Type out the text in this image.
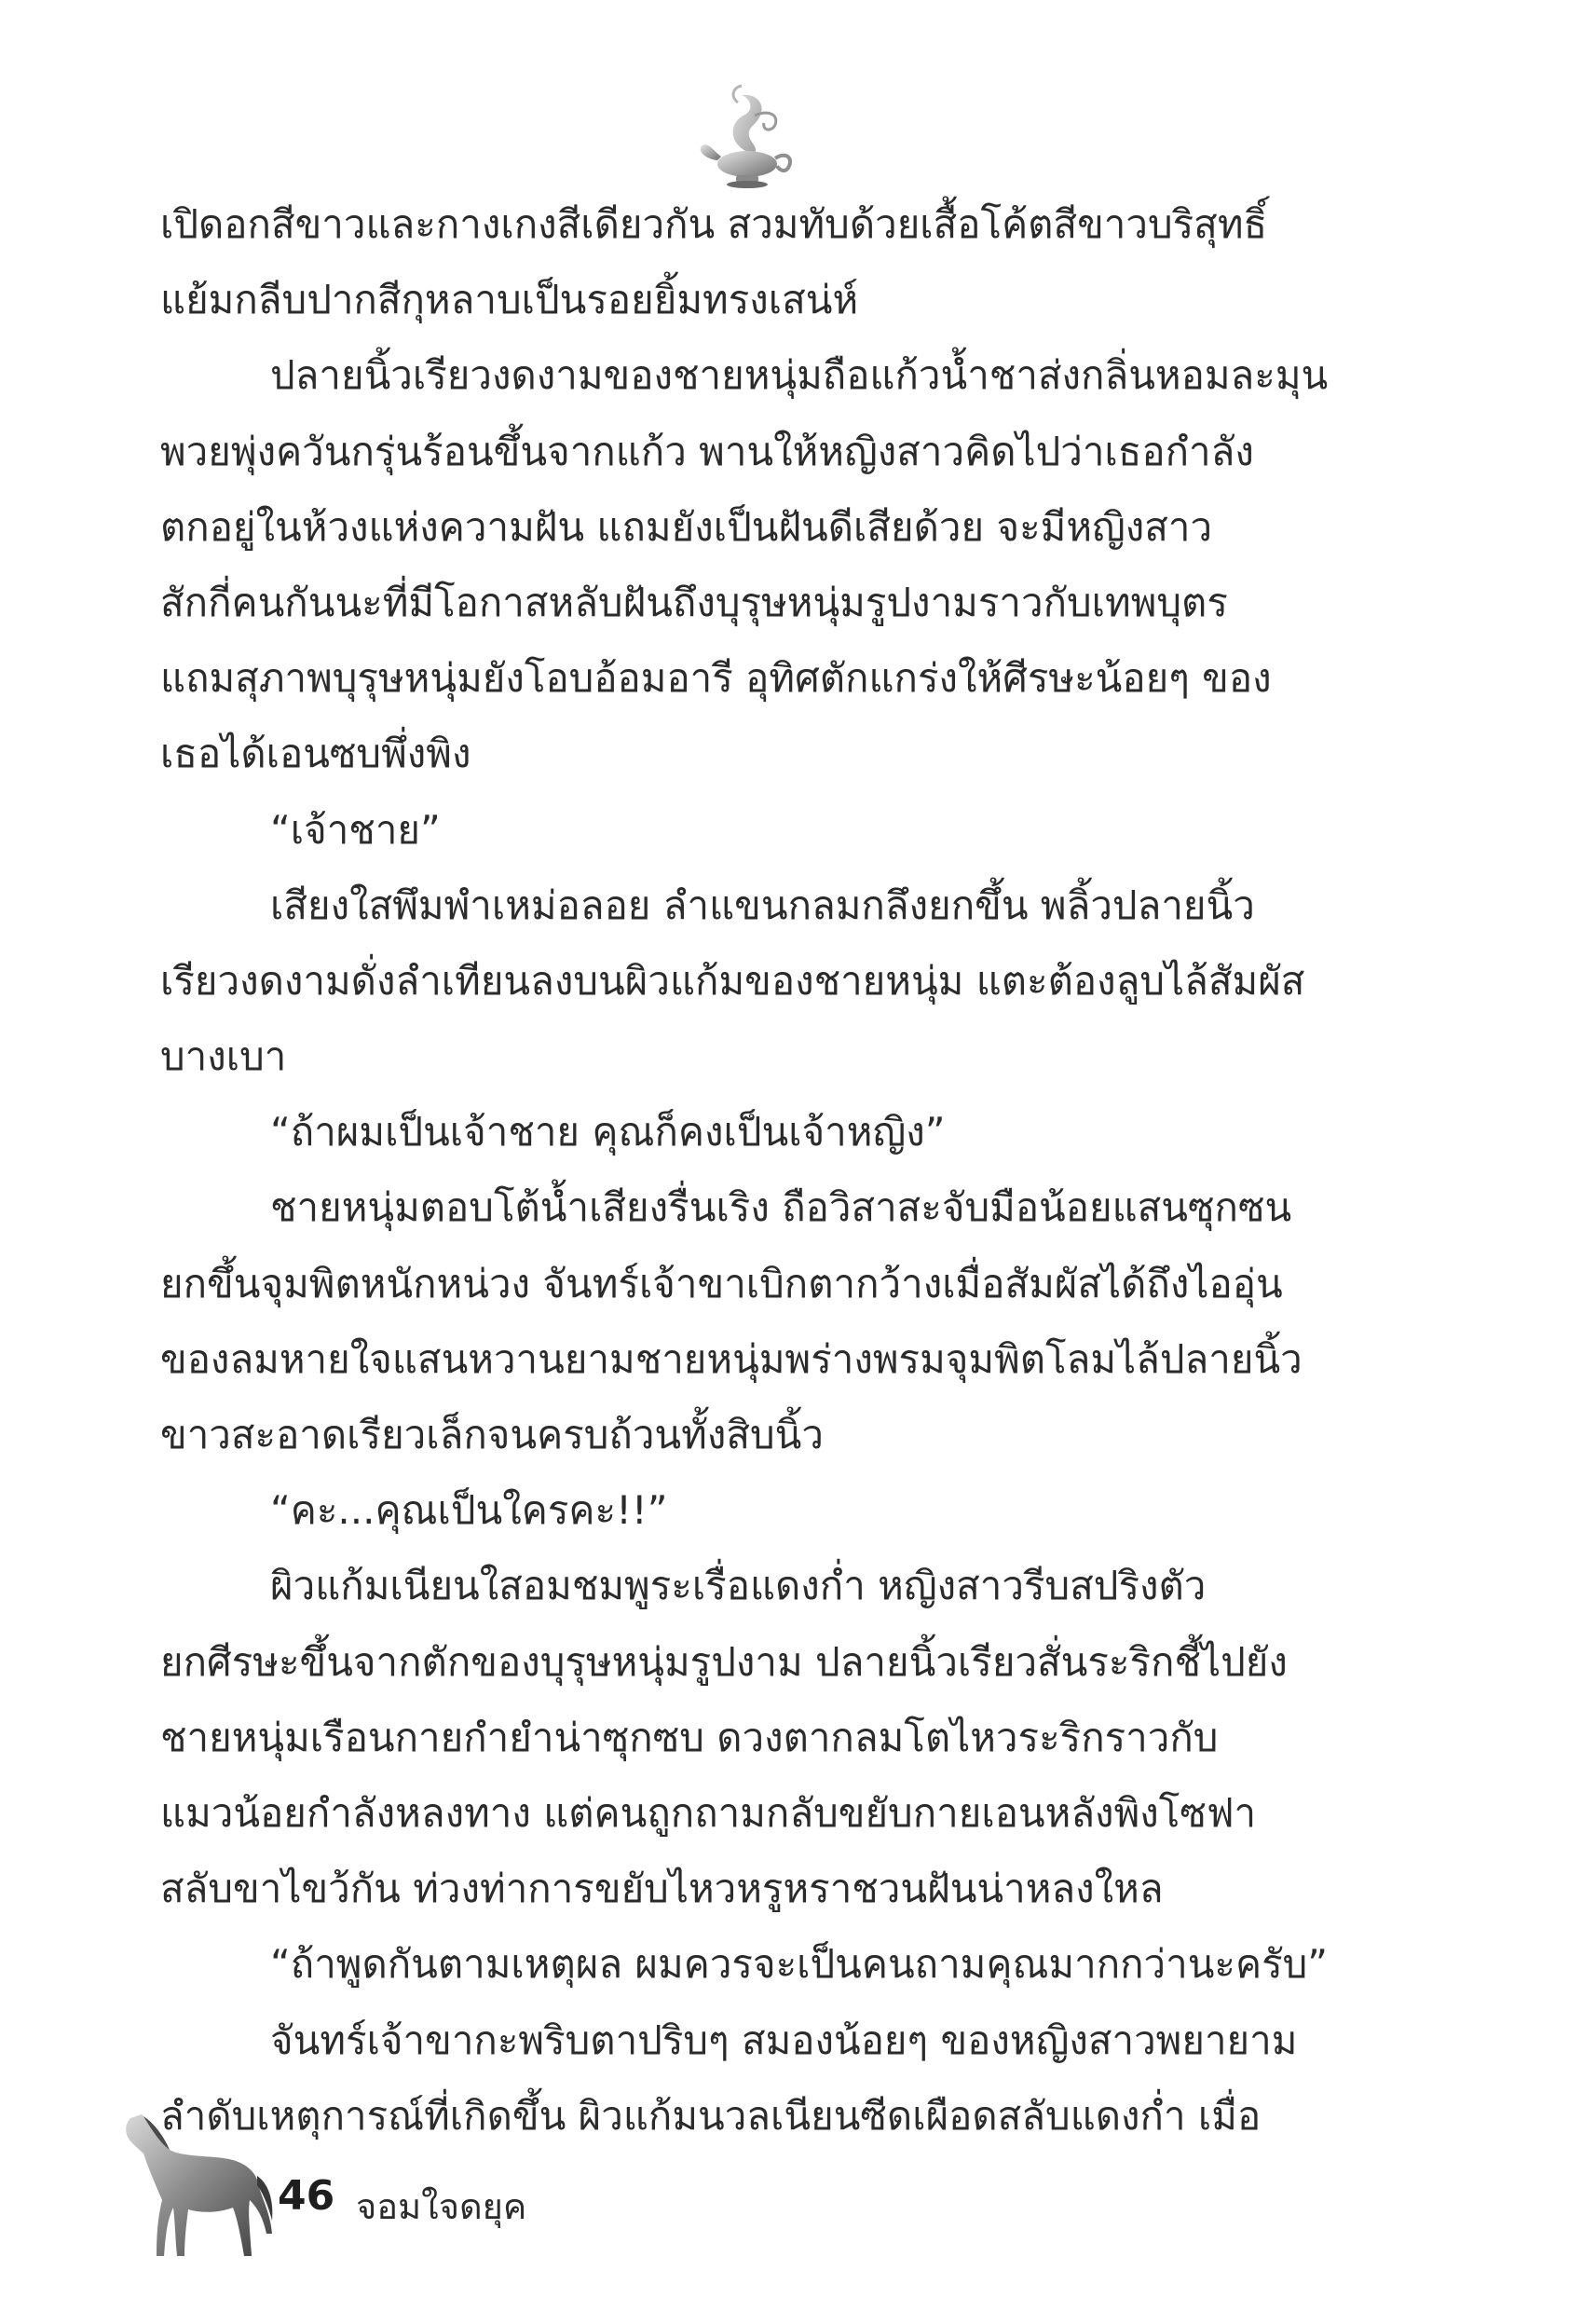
เปิดอกสีขาวและกางเกงสีเดียวกัน สวมทับด้วยเสื้อโค้ตสีขาวบริสุทธิ์
แย้มกลีบปากสีกุหลาบเป็นรอยยิ้มทรงเสน่ห์
ปลายนิ้วเรียวงดงามของชายหนุ่มถือแก้วน้ำชาส่งกลิ่นหอมละมุน
พวยพุ่งควันกรุ่นร้อนขึ้นจากแก้ว พานให้หญิงสาวคิดไปว่าเธอกำลัง
ตกอยู่ในห้วงแห่งความฝัน แถมยังเป็นฝันดีเสียด้วย จะมีหญิงสาว
สักกี่คนกันนะที่มีโอกาสหลับฝันถึงบุรุษหนุ่มรูปงามราวกับเทพบุตร
แถมสุภาพบุรุษหนุ่มยังโอบอ้อมอารี อุทิศตักแกร่งให้ศีรษะน้อยๆ ของ
เธอได้เอนซบพึ่งพิง
“เจ้าชาย”
เสียงใสพึมพำเหม่อลอย ลำแขนกลมกลึงยกขึ้น พลิ้วปลายนิ้ว
เรียวงดงามดั่งลำเทียนลงบนผิวแก้มของชายหนุ่ม แตะต้องลูบไล้สัมผัส
บางเบา
“ถ้าผมเป็นเจ้าชาย คุณก็คงเป็นเจ้าหญิง”
ชายหนุ่มตอบโต้น้ำเสียงรื่นเริง ถือวิสาสะจับมือน้อยแสนซุกซน
ยกขึ้นจุมพิตหนักหน่วง จันทร์เจ้าขาเบิกตากว้างเมื่อสัมผัสได้ถึงไออุ่น
ของลมหายใจแสนหวานยามชายหนุ่มพร่างพรมจุมพิตโลมไล้ปลายนิ้ว
ขาวสะอาดเรียวเล็กจนครบถ้วนทั้งสิบนิ้ว
“คะ...คุณเป็นใครคะ!!”
ผิวแก้มเนียนใสอมชมพูระเรื่อแดงก่ำ หญิงสาวรีบสปริงตัว
ยกศีรษะขึ้นจากตักของบุรุษหนุ่มรูปงาม ปลายนิ้วเรียวสั่นระริกชี้ไปยัง
ชายหนุ่มเรือนกายกำยำน่าซุกซบ ดวงตากลมโตไหวระริกราวกับ
แมวน้อยกำลังหลงทาง แต่คนถูกถามกลับขยับกายเอนหลังพิงโซฟา
สลับขาไขว้กัน ท่วงท่าการขยับไหวหรูหราชวนฝันน่าหลงใหล
“ถ้าพูดกันตามเหตุผล ผมควรจะเป็นคนถามคุณมากกว่านะครับ”
จันทร์เจ้าขากะพริบตาปริบๆ สมองน้อยๆ ของหญิงสาวพยายาม
ลำดับเหตุการณ์ที่เกิดขึ้น ผิวแก้มนวลเนียนซีดเผือดสลับแดงก่ำ เมื่อ
46 จอมใจดยุค
